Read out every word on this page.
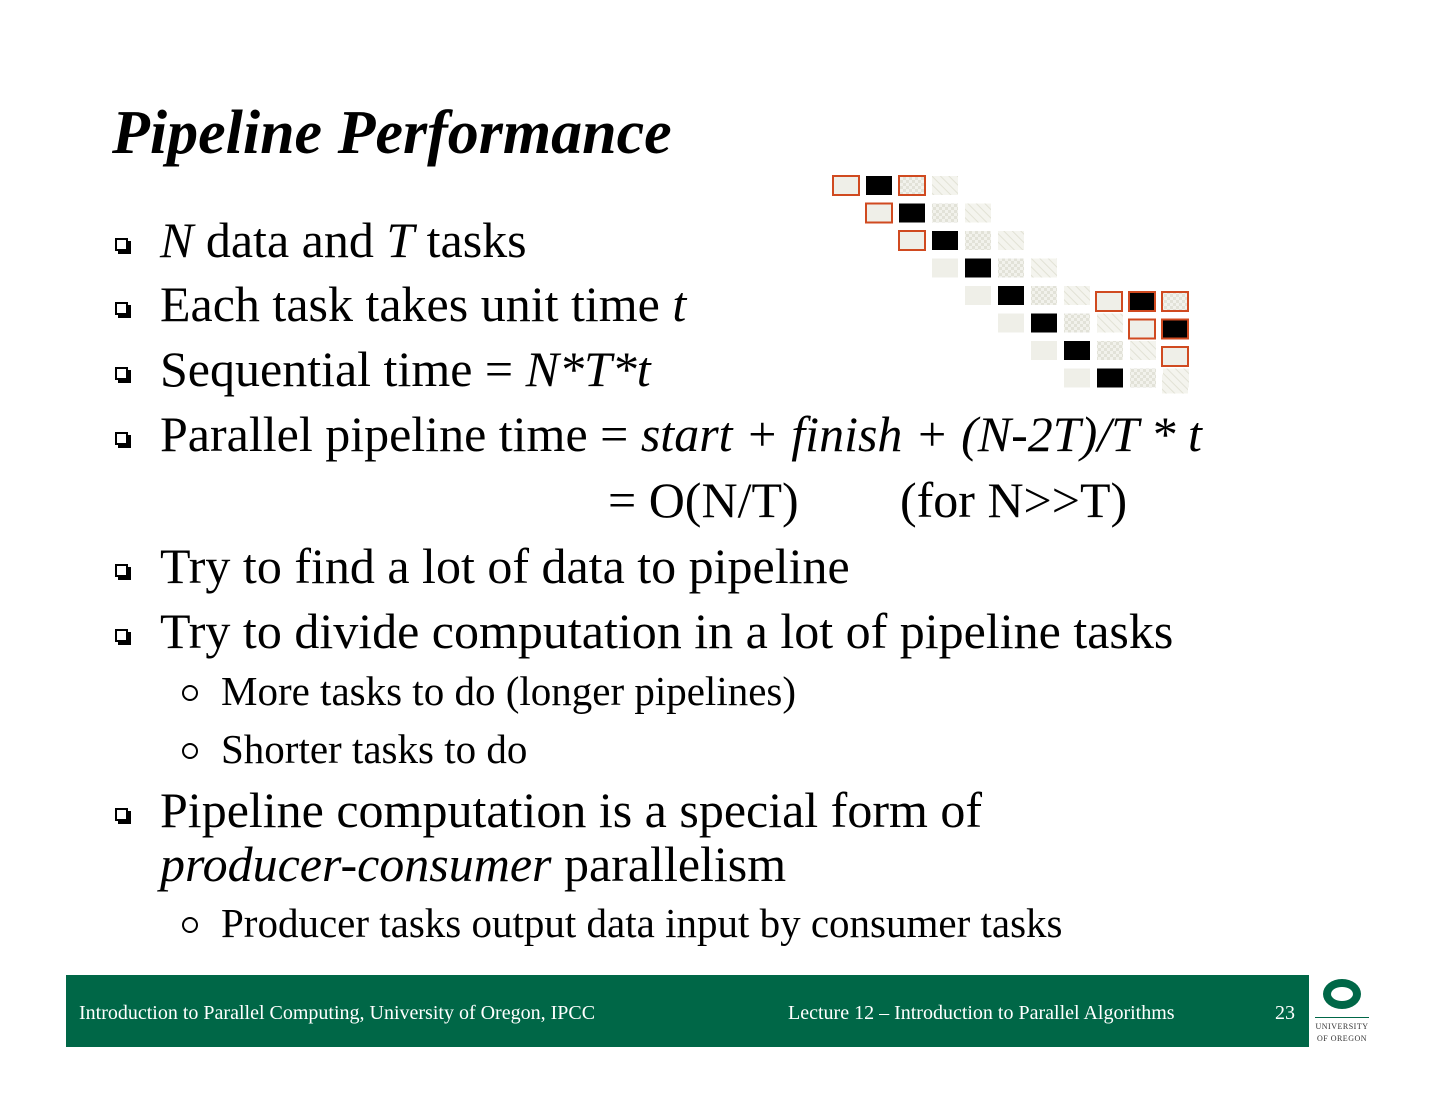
Pipeline Performance
N data and T tasks
Each task takes unit time t
Sequential time = N*T*t
Parallel pipeline time = start + finish + (N-2T)/T * t
= O(N/T) (for N>>T)
Try to find a lot of data to pipeline
Try to divide computation in a lot of pipeline tasks
More tasks to do (longer pipelines)
Shorter tasks to do
Pipeline computation is a special form of
producer-consumer parallelism
Producer tasks output data input by consumer tasks
Introduction to Parallel Computing, University of Oregon, IPCC	Lecture 12 – Introduction to Parallel Algorithms	23
UNIVERSITY
OF OREGON
